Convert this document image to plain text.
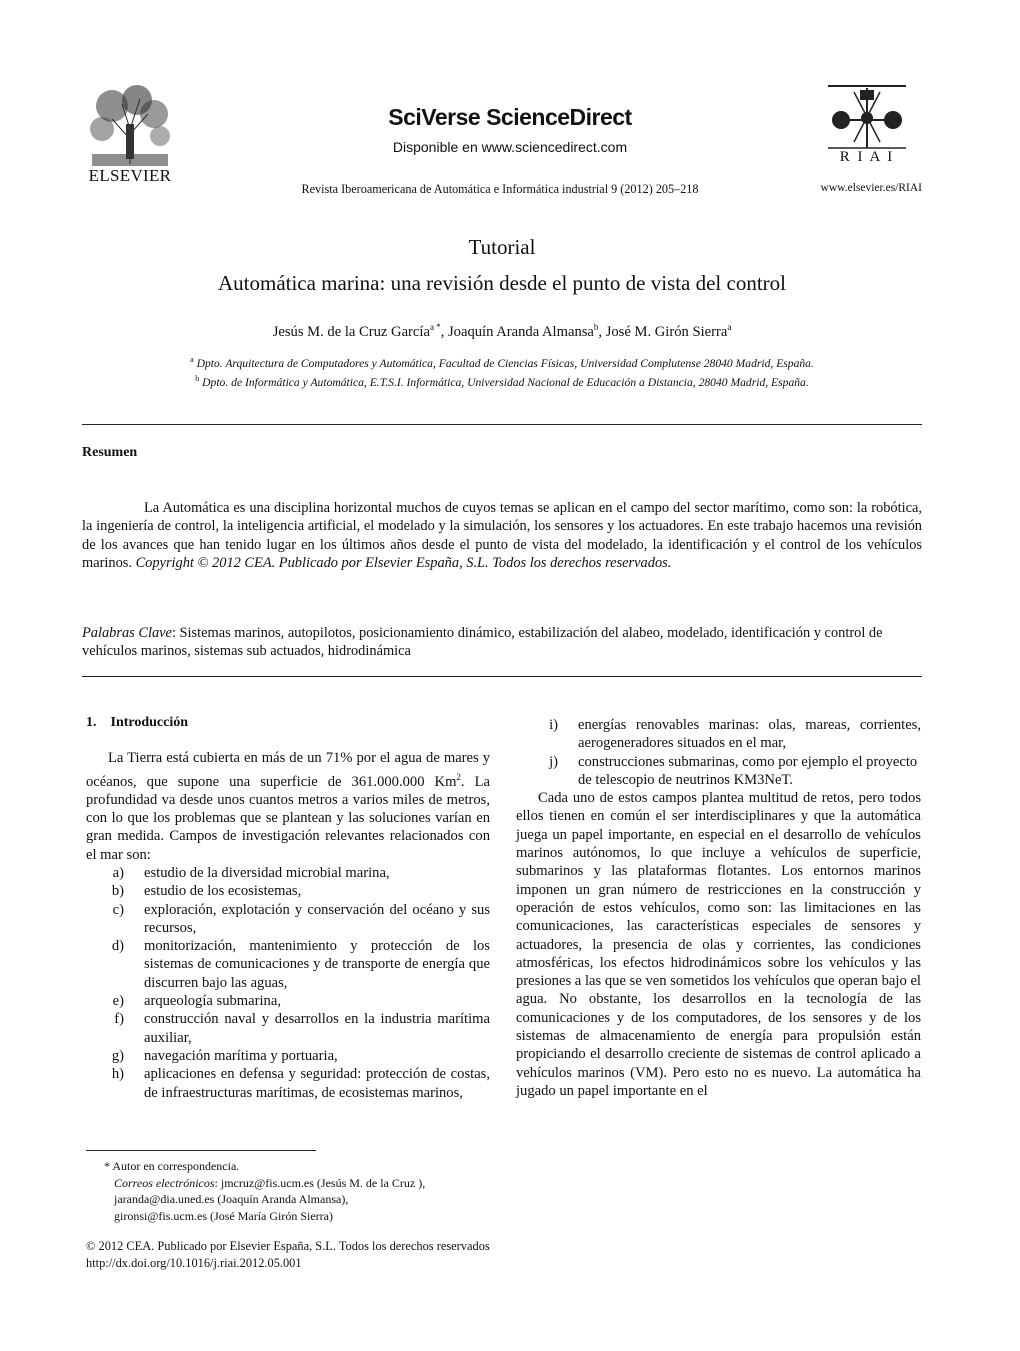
ELSEVIER
SciVerse ScienceDirect
Disponible en www.sciencedirect.com
Revista Iberoamericana de Automática e Informática industrial 9 (2012) 205–218
R I A I
www.elsevier.es/RIAI
Tutorial
Automática marina: una revisión desde el punto de vista del control
Jesús M. de la Cruz García$^{a *}$, Joaquín Aranda Almansa$^b$, José M. Girón Sierra$^a$
$^a$ Dpto. Arquitectura de Computadores y Automática, Facultad de Ciencias Físicas, Universidad Complutense 28040 Madrid, España.
$^b$ Dpto. de Informática y Automática, E.T.S.I. Informática, Universidad Nacional de Educación a Distancia, 28040 Madrid, España.
Resumen
La Automática es una disciplina horizontal muchos de cuyos temas se aplican en el campo del sector marítimo, como son: la robótica, la ingeniería de control, la inteligencia artificial, el modelado y la simulación, los sensores y los actuadores. En este trabajo hacemos una revisión de los avances que han tenido lugar en los últimos años desde el punto de vista del modelado, la identificación y el control de los vehículos marinos. Copyright © 2012 CEA. Publicado por Elsevier España, S.L. Todos los derechos reservados.
Palabras Clave: Sistemas marinos, autopilotos, posicionamiento dinámico, estabilización del alabeo, modelado, identificación y control de vehículos marinos, sistemas sub actuados, hidrodinámica
1. Introducción

La Tierra está cubierta en más de un 71% por el agua de mares y océanos, que supone una superficie de 361.000.000 Km$^2$. La profundidad va desde unos cuantos metros a varios miles de metros, con lo que los problemas que se plantean y las soluciones varían en gran medida. Campos de investigación relevantes relacionados con el mar son:

a)	estudio de la diversidad microbial marina,
b)	estudio de los ecosistemas,
c)	exploración, explotación y conservación del océano y sus recursos,
d)	monitorización, mantenimiento y protección de los sistemas de comunicaciones y de transporte de energía que discurren bajo las aguas,
e)	arqueología submarina,
f)	construcción naval y desarrollos en la industria marítima auxiliar,
g)	navegación marítima y portuaria,
h)	aplicaciones en defensa y seguridad: protección de costas, de infraestructuras marítimas, de ecosistemas marinos,
i)	energías renovables marinas: olas, mareas, corrientes, aerogeneradores situados en el mar,
j)	construcciones submarinas, como por ejemplo el proyecto de telescopio de neutrinos KM3NeT.

Cada uno de estos campos plantea multitud de retos, pero todos ellos tienen en común el ser interdisciplinares y que la automática juega un papel importante, en especial en el desarrollo de vehículos marinos autónomos, lo que incluye a vehículos de superficie, submarinos y las plataformas flotantes. Los entornos marinos imponen un gran número de restricciones en la construcción y operación de estos vehículos, como son: las limitaciones en las comunicaciones, las características especiales de sensores y actuadores, la presencia de olas y corrientes, las condiciones atmosféricas, los efectos hidrodinámicos sobre los vehículos y las presiones a las que se ven sometidos los vehículos que operan bajo el agua. No obstante, los desarrollos en la tecnología de las comunicaciones y de los computadores, de los sensores y de los sistemas de almacenamiento de energía para propulsión están propiciando el desarrollo creciente de sistemas de control aplicado a vehículos marinos (VM). Pero esto no es nuevo. La automática ha jugado un papel importante en el

* Autor en correspondencia.
Correos electrónicos: jmcruz@fis.ucm.es (Jesús M. de la Cruz ),
jaranda@dia.uned.es (Joaquín Aranda Almansa),
gironsi@fis.ucm.es (José María Girón Sierra)
© 2012 CEA. Publicado por Elsevier España, S.L. Todos los derechos reservados
http://dx.doi.org/10.1016/j.riai.2012.05.001
